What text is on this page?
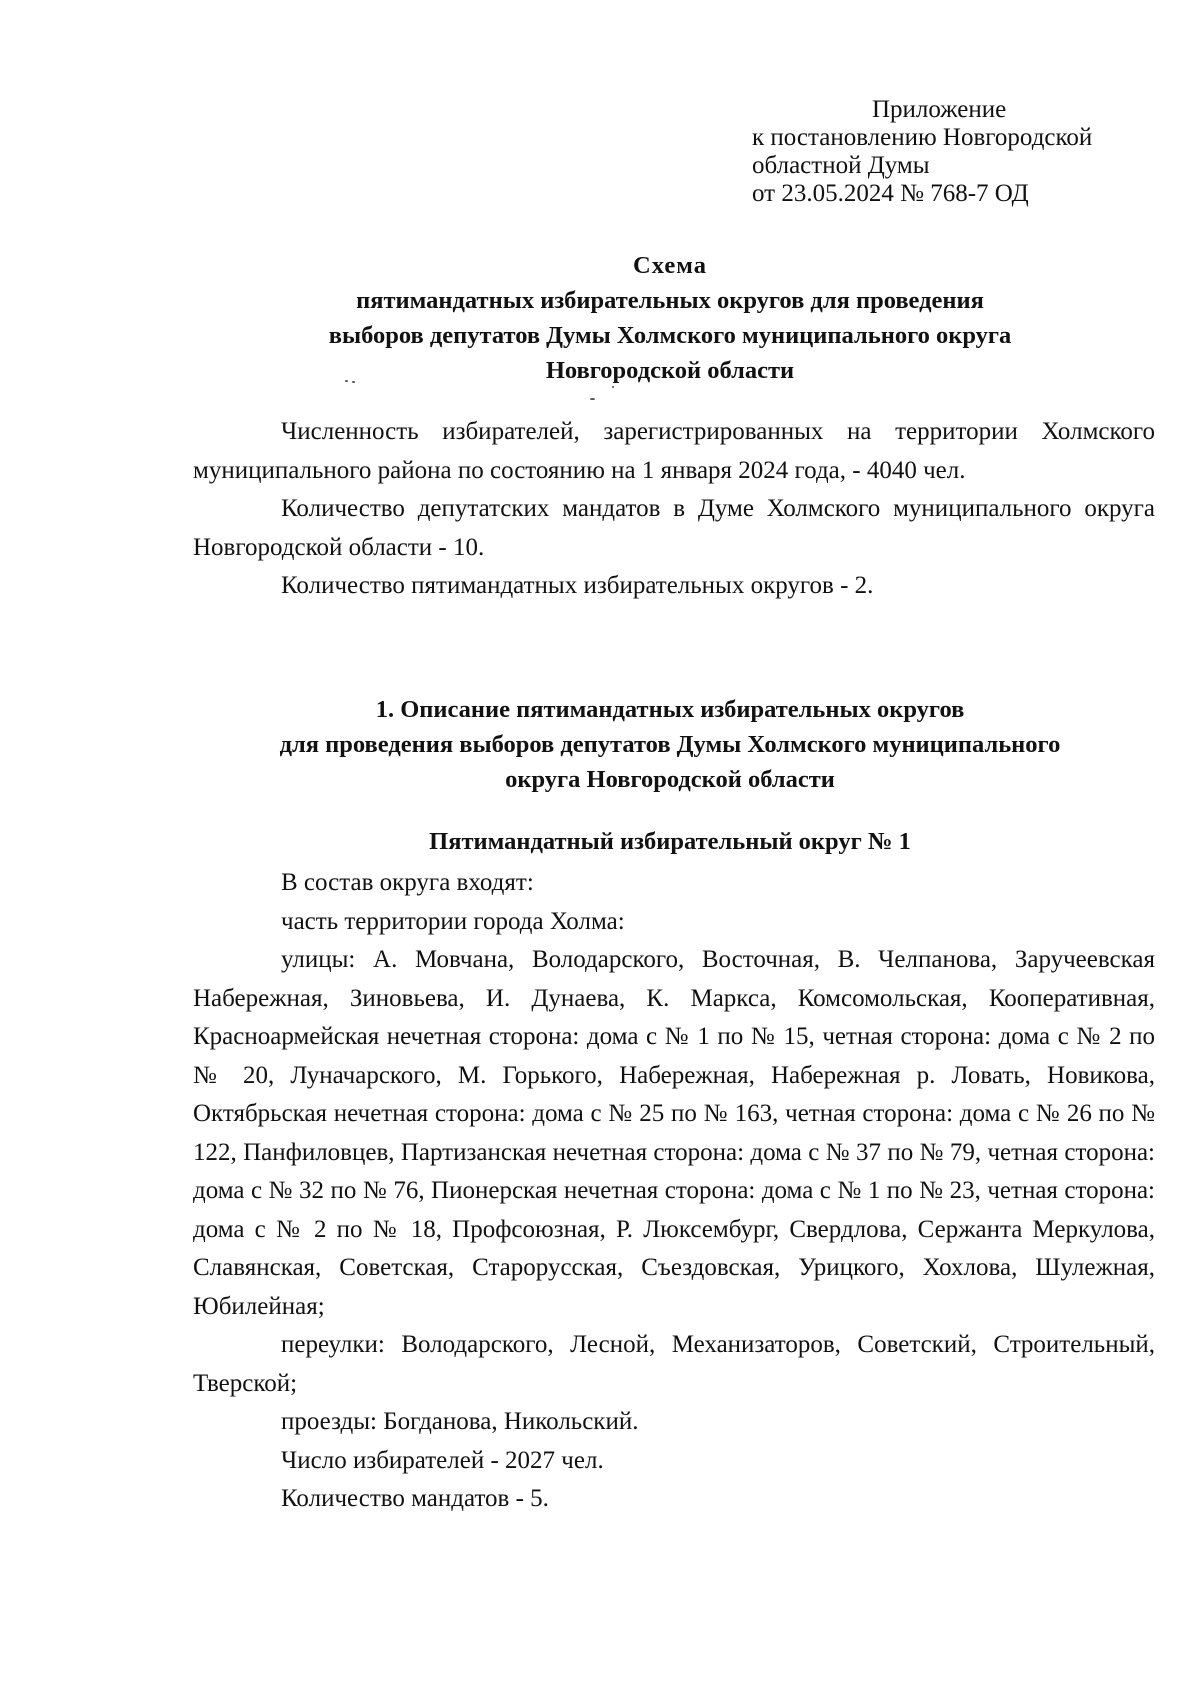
Приложение
к постановлению Новгородской
областной Думы
от 23.05.2024 № 768-7 ОД
Схема
пятимандатных избирательных округов для проведения
выборов депутатов Думы Холмского муниципального округа
Новгородской области

Численность избирателей, зарегистрированных на территории Холмского муниципального района по состоянию на 1 января 2024 года, - 4040 чел.

Количество депутатских мандатов в Думе Холмского муниципального округа Новгородской области - 10.

Количество пятимандатных избирательных округов - 2.

1. Описание пятимандатных избирательных округов
для проведения выборов депутатов Думы Холмского муниципального
округа Новгородской области
Пятимандатный избирательный округ № 1

В состав округа входят:

часть территории города Холма:

улицы: А. Мовчана, Володарского, Восточная, В. Челпанова, Заручеевская Набережная, Зиновьева, И. Дунаева, К. Маркса, Комсомольская, Кооперативная, Красноармейская нечетная сторона: дома с № 1 по № 15, четная сторона: дома с № 2 по № 20, Луначарского, М. Горького, Набережная, Набережная р. Ловать, Новикова, Октябрьская нечетная сторона: дома с № 25 по № 163, четная сторона: дома с № 26 по № 122, Панфиловцев, Партизанская нечетная сторона: дома с № 37 по № 79, четная сторона: дома с № 32 по № 76, Пионерская нечетная сторона: дома с № 1 по № 23, четная сторона: дома с № 2 по № 18, Профсоюзная, Р. Люксембург, Свердлова, Сержанта Меркулова, Славянская, Советская, Старорусская, Съездовская, Урицкого, Хохлова, Шулежная, Юбилейная;

переулки: Володарского, Лесной, Механизаторов, Советский, Строительный, Тверской;

проезды: Богданова, Никольский.

Число избирателей - 2027 чел.

Количество мандатов - 5.
